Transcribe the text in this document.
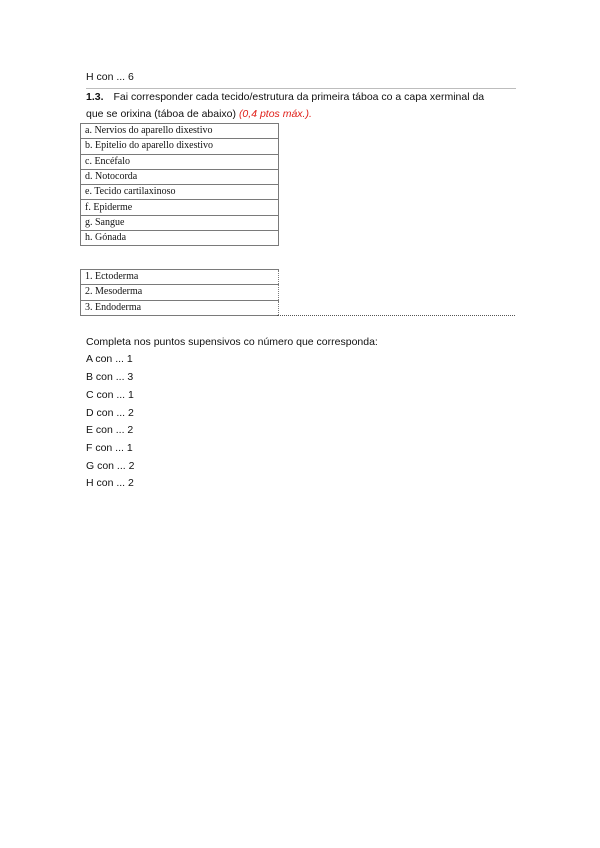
H con ... 6
1.3. Fai corresponder cada tecido/estrutura da primeira táboa co a capa xerminal da
que se orixina (táboa de abaixo) (0,4 ptos máx.).
a. Nervios do aparello dixestivo
b. Epitelio do aparello dixestivo
c. Encéfalo
d. Notocorda
e. Tecido cartilaxinoso
f. Epiderme
g. Sangue
h. Gónada
1. Ectoderma
2. Mesoderma
3. Endoderma
Completa nos puntos supensivos co número que corresponda:
A con ... 1
B con ... 3
C con ... 1
D con ... 2
E con ... 2
F con ... 1
G con ... 2
H con ... 2
